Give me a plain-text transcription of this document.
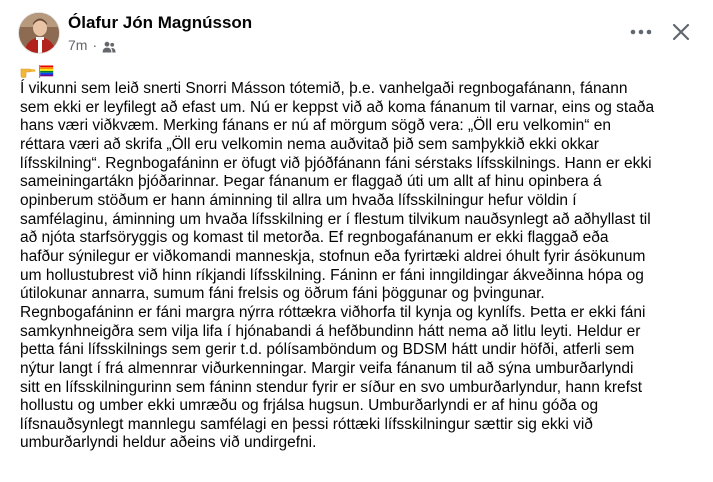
Ólafur Jón Magnússon
7m ·
Í vikunni sem leið snerti Snorri Másson tótemið, þ.e. vanhelgaði regnbogafánann, fánann
sem ekki er leyfilegt að efast um. Nú er keppst við að koma fánanum til varnar, eins og staða
hans væri viðkvæm. Merking fánans er nú af mörgum sögð vera: „Öll eru velkomin“ en
réttara væri að skrifa „Öll eru velkomin nema auðvitað þið sem samþykkið ekki okkar
lífsskilning“. Regnbogafáninn er öfugt við þjóðfánann fáni sérstaks lífsskilnings. Hann er ekki
sameiningartákn þjóðarinnar. Þegar fánanum er flaggað úti um allt af hinu opinbera á
opinberum stöðum er hann áminning til allra um hvaða lífsskilningur hefur völdin í
samfélaginu, áminning um hvaða lífsskilning er í flestum tilvikum nauðsynlegt að aðhyllast til
að njóta starfsöryggis og komast til metorða. Ef regnbogafánanum er ekki flaggað eða
hafður sýnilegur er viðkomandi manneskja, stofnun eða fyrirtæki aldrei óhult fyrir ásökunum
um hollustubrest við hinn ríkjandi lífsskilning. Fáninn er fáni inngildingar ákveðinna hópa og
útilokunar annarra, sumum fáni frelsis og öðrum fáni þöggunar og þvingunar.
Regnbogafáninn er fáni margra nýrra róttækra viðhorfa til kynja og kynlífs. Þetta er ekki fáni
samkynhneigðra sem vilja lifa í hjónabandi á hefðbundinn hátt nema að litlu leyti. Heldur er
þetta fáni lífsskilnings sem gerir t.d. pólísamböndum og BDSM hátt undir höfði, atferli sem
nýtur langt í frá almennrar viðurkenningar. Margir veifa fánanum til að sýna umburðarlyndi
sitt en lífsskilningurinn sem fáninn stendur fyrir er síður en svo umburðarlyndur, hann krefst
hollustu og umber ekki umræðu og frjálsa hugsun. Umburðarlyndi er af hinu góða og
lífsnauðsynlegt mannlegu samfélagi en þessi róttæki lífsskilningur sættir sig ekki við
umburðarlyndi heldur aðeins við undirgefni.
